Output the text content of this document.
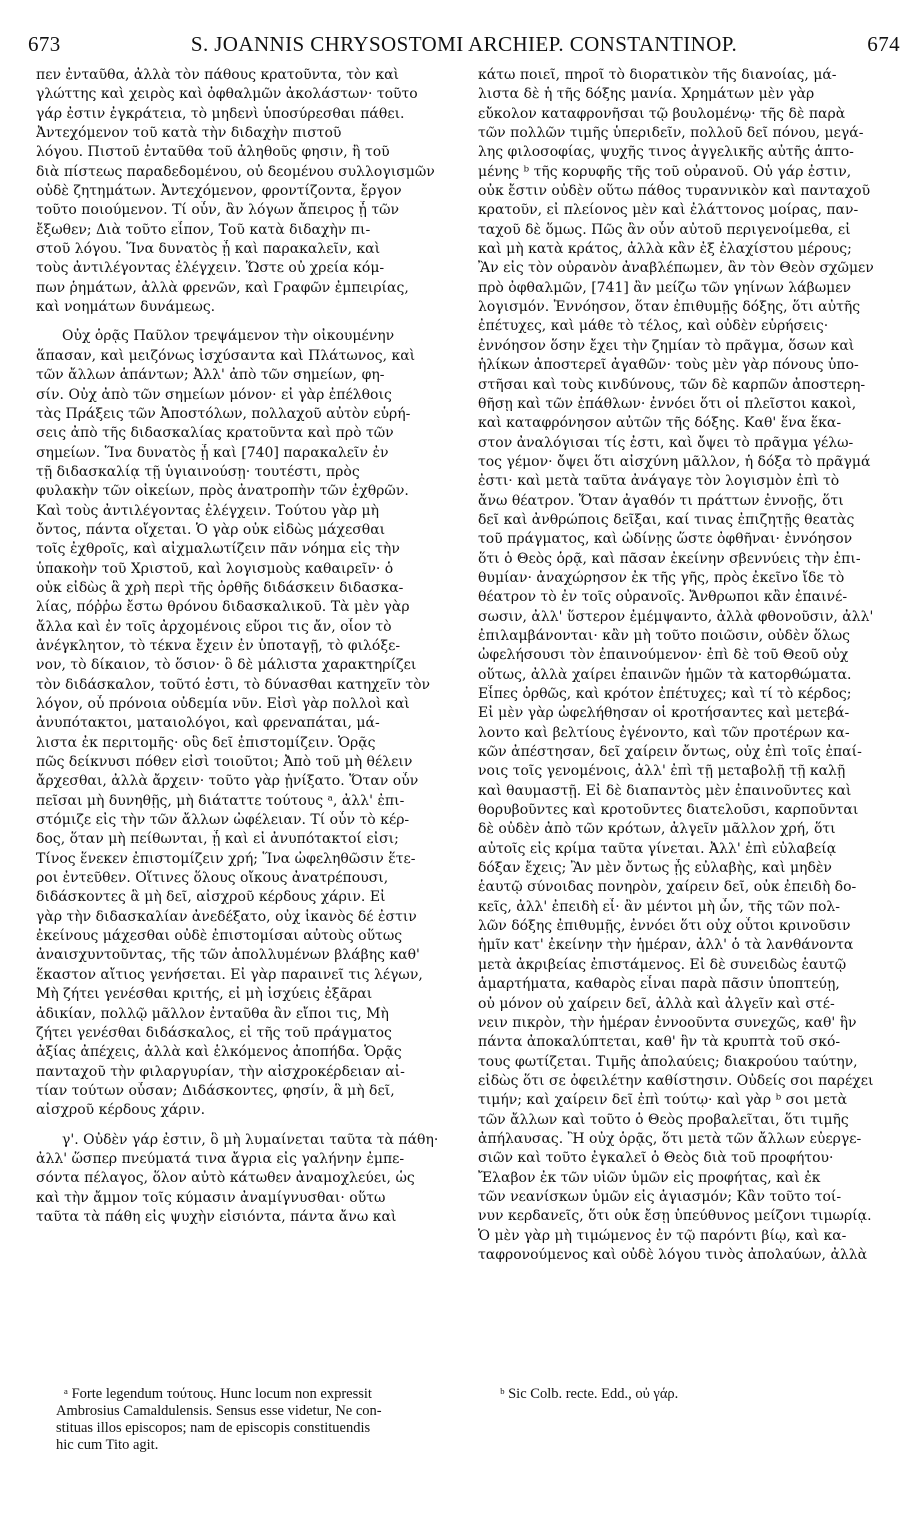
673	S. JOANNIS CHRYSOSTOMI ARCHIEP. CONSTANTINOP.	674
πεν ἐνταῦθα, ἀλλὰ τὸν πάθους κρατοῦντα, τὸν καὶ
γλώττης καὶ χειρὸς καὶ ὀφθαλμῶν ἀκολάστων· τοῦτο
γάρ ἐστιν ἐγκράτεια, τὸ μηδενὶ ὑποσύρεσθαι πάθει.
Ἀντεχόμενον τοῦ κατὰ τὴν διδαχὴν πιστοῦ
λόγου. Πιστοῦ ἐνταῦθα τοῦ ἀληθοῦς φησιν, ἢ τοῦ
διὰ πίστεως παραδεδομένου, οὐ δεομένου συλλογισμῶν
οὐδὲ ζητημάτων. Ἀντεχόμενον, φροντίζοντα, ἔργον
τοῦτο ποιούμενον. Τί οὖν, ἂν λόγων ἄπειρος ᾖ τῶν
ἔξωθεν; Διὰ τοῦτο εἶπον, Τοῦ κατὰ διδαχὴν πι-
στοῦ λόγου. Ἵνα δυνατὸς ᾖ καὶ παρακαλεῖν, καὶ
τοὺς ἀντιλέγοντας ἐλέγχειν. Ὥστε οὐ χρεία κόμ-
πων ῥημάτων, ἀλλὰ φρενῶν, καὶ Γραφῶν ἐμπειρίας,
καὶ νοημάτων δυνάμεως.
Οὐχ ὁρᾷς Παῦλον τρεψάμενον τὴν οἰκουμένην
ἅπασαν, καὶ μειζόνως ἰσχύσαντα καὶ Πλάτωνος, καὶ
τῶν ἄλλων ἁπάντων; Ἀλλ' ἀπὸ τῶν σημείων, φη-
σίν. Οὐχ ἀπὸ τῶν σημείων μόνον· εἰ γὰρ ἐπέλθοις
τὰς Πράξεις τῶν Ἀποστόλων, πολλαχοῦ αὐτὸν εὑρή-
σεις ἀπὸ τῆς διδασκαλίας κρατοῦντα καὶ πρὸ τῶν
σημείων. Ἵνα δυνατὸς ᾖ καὶ [740] παρακαλεῖν ἐν
τῇ διδασκαλίᾳ τῇ ὑγιαινούσῃ· τουτέστι, πρὸς
φυλακὴν τῶν οἰκείων, πρὸς ἀνατροπὴν τῶν ἐχθρῶν.
Καὶ τοὺς ἀντιλέγοντας ἐλέγχειν. Τούτου γὰρ μὴ
ὄντος, πάντα οἴχεται. Ὁ γὰρ οὐκ εἰδὼς μάχεσθαι
τοῖς ἐχθροῖς, καὶ αἰχμαλωτίζειν πᾶν νόημα εἰς τὴν
ὑπακοὴν τοῦ Χριστοῦ, καὶ λογισμοὺς καθαιρεῖν· ὁ
οὐκ εἰδὼς ἃ χρὴ περὶ τῆς ὀρθῆς διδάσκειν διδασκα-
λίας, πόῤῥω ἔστω θρόνου διδασκαλικοῦ. Τὰ μὲν γὰρ
ἄλλα καὶ ἐν τοῖς ἀρχομένοις εὕροι τις ἄν, οἷον τὸ
ἀνέγκλητον, τὸ τέκνα ἔχειν ἐν ὑποταγῇ, τὸ φιλόξε-
νον, τὸ δίκαιον, τὸ ὅσιον· ὃ δὲ μάλιστα χαρακτηρίζει
τὸν διδάσκαλον, τοῦτό ἐστι, τὸ δύνασθαι κατηχεῖν τὸν
λόγον, οὗ πρόνοια οὐδεμία νῦν. Εἰσὶ γὰρ πολλοὶ καὶ
ἀνυπότακτοι, ματαιολόγοι, καὶ φρεναπάται, μά-
λιστα ἐκ περιτομῆς· οὓς δεῖ ἐπιστομίζειν. Ὁρᾷς
πῶς δείκνυσι πόθεν εἰσὶ τοιοῦτοι; Ἀπὸ τοῦ μὴ θέλειν
ἄρχεσθαι, ἀλλὰ ἄρχειν· τοῦτο γὰρ ᾐνίξατο. Ὅταν οὖν
πεῖσαι μὴ δυνηθῇς, μὴ διάταττε τούτους ᵃ, ἀλλ' ἐπι-
στόμιζε εἰς τὴν τῶν ἄλλων ὠφέλειαν. Τί οὖν τὸ κέρ-
δος, ὅταν μὴ πείθωνται, ᾖ καὶ εἰ ἀνυπότακτοί εἰσι;
Τίνος ἕνεκεν ἐπιστομίζειν χρή; Ἵνα ὠφεληθῶσιν ἕτε-
ροι ἐντεῦθεν. Οἵτινες ὅλους οἴκους ἀνατρέπουσι,
διδάσκοντες ἃ μὴ δεῖ, αἰσχροῦ κέρδους χάριν. Εἰ
γὰρ τὴν διδασκαλίαν ἀνεδέξατο, οὐχ ἱκανὸς δέ ἐστιν
ἐκείνους μάχεσθαι οὐδὲ ἐπιστομίσαι αὐτοὺς οὕτως
ἀναισχυντοῦντας, τῆς τῶν ἀπολλυμένων βλάβης καθ'
ἕκαστον αἴτιος γενήσεται. Εἰ γὰρ παραινεῖ τις λέγων,
Μὴ ζήτει γενέσθαι κριτής, εἰ μὴ ἰσχύεις ἐξᾶραι
ἀδικίαν, πολλῷ μᾶλλον ἐνταῦθα ἂν εἴποι τις, Μὴ
ζήτει γενέσθαι διδάσκαλος, εἰ τῆς τοῦ πράγματος
ἀξίας ἀπέχεις, ἀλλὰ καὶ ἑλκόμενος ἀποπήδα. Ὁρᾷς
πανταχοῦ τὴν φιλαργυρίαν, τὴν αἰσχροκέρδειαν αἰ-
τίαν τούτων οὖσαν; Διδάσκοντες, φησίν, ἃ μὴ δεῖ,
αἰσχροῦ κέρδους χάριν.
γ'. Οὐδὲν γάρ ἐστιν, ὃ μὴ λυμαίνεται ταῦτα τὰ πάθη·
ἀλλ' ὥσπερ πνεύματά τινα ἄγρια εἰς γαλήνην ἐμπε-
σόντα πέλαγος, ὅλον αὐτὸ κάτωθεν ἀναμοχλεύει, ὡς
καὶ τὴν ἄμμον τοῖς κύμασιν ἀναμίγνυσθαι· οὕτω
ταῦτα τὰ πάθη εἰς ψυχὴν εἰσιόντα, πάντα ἄνω καὶ
κάτω ποιεῖ, πηροῖ τὸ διορατικὸν τῆς διανοίας, μά-
λιστα δὲ ἡ τῆς δόξης μανία. Χρημάτων μὲν γὰρ
εὔκολον καταφρονῆσαι τῷ βουλομένῳ· τῆς δὲ παρὰ
τῶν πολλῶν τιμῆς ὑπεριδεῖν, πολλοῦ δεῖ πόνου, μεγά-
λης φιλοσοφίας, ψυχῆς τινος ἀγγελικῆς αὐτῆς ἁπτο-
μένης ᵇ τῆς κορυφῆς τῆς τοῦ οὐρανοῦ. Οὐ γάρ ἐστιν,
οὐκ ἔστιν οὐδὲν οὕτω πάθος τυραννικὸν καὶ πανταχοῦ
κρατοῦν, εἰ πλείονος μὲν καὶ ἐλάττονος μοίρας, παν-
ταχοῦ δὲ ὅμως. Πῶς ἂν οὖν αὐτοῦ περιγενοίμεθα, εἰ
καὶ μὴ κατὰ κράτος, ἀλλὰ κἂν ἐξ ἐλαχίστου μέρους;
Ἂν εἰς τὸν οὐρανὸν ἀναβλέπωμεν, ἂν τὸν Θεὸν σχῶμεν
πρὸ ὀφθαλμῶν, [741] ἂν μείζω τῶν γηίνων λάβωμεν
λογισμόν. Ἐννόησον, ὅταν ἐπιθυμῇς δόξης, ὅτι αὐτῆς
ἐπέτυχες, καὶ μάθε τὸ τέλος, καὶ οὐδὲν εὑρήσεις·
ἐννόησον ὅσην ἔχει τὴν ζημίαν τὸ πρᾶγμα, ὅσων καὶ
ἡλίκων ἀποστερεῖ ἀγαθῶν· τοὺς μὲν γὰρ πόνους ὑπο-
στῆσαι καὶ τοὺς κινδύνους, τῶν δὲ καρπῶν ἀποστερη-
θῆσῃ καὶ τῶν ἐπάθλων· ἐννόει ὅτι οἱ πλεῖστοι κακοὶ,
καὶ καταφρόνησον αὐτῶν τῆς δόξης. Καθ' ἕνα ἕκα-
στον ἀναλόγισαι τίς ἐστι, καὶ ὄψει τὸ πρᾶγμα γέλω-
τος γέμον· ὄψει ὅτι αἰσχύνη μᾶλλον, ἡ δόξα τὸ πρᾶγμά
ἐστι· καὶ μετὰ ταῦτα ἀνάγαγε τὸν λογισμὸν ἐπὶ τὸ
ἄνω θέατρον. Ὅταν ἀγαθόν τι πράττων ἐννοῇς, ὅτι
δεῖ καὶ ἀνθρώποις δεῖξαι, καί τινας ἐπιζητῇς θεατὰς
τοῦ πράγματος, καὶ ὠδίνῃς ὥστε ὀφθῆναι· ἐννόησον
ὅτι ὁ Θεὸς ὁρᾷ, καὶ πᾶσαν ἐκείνην σβεννύεις τὴν ἐπι-
θυμίαν· ἀναχώρησον ἐκ τῆς γῆς, πρὸς ἐκεῖνο ἴδε τὸ
θέατρον τὸ ἐν τοῖς οὐρανοῖς. Ἄνθρωποι κἂν ἐπαινέ-
σωσιν, ἀλλ' ὕστερον ἐμέμψαντο, ἀλλὰ φθονοῦσιν, ἀλλ'
ἐπιλαμβάνονται· κἂν μὴ τοῦτο ποιῶσιν, οὐδὲν ὅλως
ὠφελήσουσι τὸν ἐπαινούμενον· ἐπὶ δὲ τοῦ Θεοῦ οὐχ
οὕτως, ἀλλὰ χαίρει ἐπαινῶν ἡμῶν τὰ κατορθώματα.
Εἶπες ὀρθῶς, καὶ κρότον ἐπέτυχες; καὶ τί τὸ κέρδος;
Εἰ μὲν γὰρ ὠφελήθησαν οἱ κροτήσαντες καὶ μετεβά-
λοντο καὶ βελτίους ἐγένοντο, καὶ τῶν προτέρων κα-
κῶν ἀπέστησαν, δεῖ χαίρειν ὄντως, οὐχ ἐπὶ τοῖς ἐπαί-
νοις τοῖς γενομένοις, ἀλλ' ἐπὶ τῇ μεταβολῇ τῇ καλῇ
καὶ θαυμαστῇ. Εἰ δὲ διαπαντὸς μὲν ἐπαινοῦντες καὶ
θορυβοῦντες καὶ κροτοῦντες διατελοῦσι, καρποῦνται
δὲ οὐδὲν ἀπὸ τῶν κρότων, ἀλγεῖν μᾶλλον χρή, ὅτι
αὐτοῖς εἰς κρίμα ταῦτα γίνεται. Ἀλλ' ἐπὶ εὐλαβείᾳ
δόξαν ἔχεις; Ἂν μὲν ὄντως ᾖς εὐλαβὴς, καὶ μηδὲν
ἑαυτῷ σύνοιδας πονηρὸν, χαίρειν δεῖ, οὐκ ἐπειδὴ δο-
κεῖς, ἀλλ' ἐπειδὴ εἶ· ἂν μέντοι μὴ ὦν, τῆς τῶν πολ-
λῶν δόξης ἐπιθυμῇς, ἐννόει ὅτι οὐχ οὗτοι κρινοῦσιν
ἡμῖν κατ' ἐκείνην τὴν ἡμέραν, ἀλλ' ὁ τὰ λανθάνοντα
μετὰ ἀκριβείας ἐπιστάμενος. Εἰ δὲ συνειδὼς ἑαυτῷ
ἁμαρτήματα, καθαρὸς εἶναι παρὰ πᾶσιν ὑποπτεύῃ,
οὐ μόνον οὐ χαίρειν δεῖ, ἀλλὰ καὶ ἀλγεῖν καὶ στέ-
νειν πικρὸν, τὴν ἡμέραν ἐννοοῦντα συνεχῶς, καθ' ἣν
πάντα ἀποκαλύπτεται, καθ' ἣν τὰ κρυπτὰ τοῦ σκό-
τους φωτίζεται. Τιμῆς ἀπολαύεις; διακρούου ταύτην,
εἰδὼς ὅτι σε ὀφειλέτην καθίστησιν. Οὐδείς σοι παρέχει
τιμήν; καὶ χαίρειν δεῖ ἐπὶ τούτῳ· καὶ γὰρ ᵇ σοι μετὰ
τῶν ἄλλων καὶ τοῦτο ὁ Θεὸς προβαλεῖται, ὅτι τιμῆς
ἀπήλαυσας. Ἢ οὐχ ὁρᾷς, ὅτι μετὰ τῶν ἄλλων εὐεργε-
σιῶν καὶ τοῦτο ἐγκαλεῖ ὁ Θεὸς διὰ τοῦ προφήτου·
Ἔλαβον ἐκ τῶν υἱῶν ὑμῶν εἰς προφήτας, καὶ ἐκ
τῶν νεανίσκων ὑμῶν εἰς ἁγιασμόν; Κἂν τοῦτο τοί-
νυν κερδανεῖς, ὅτι οὐκ ἔσῃ ὑπεύθυνος μείζονι τιμωρίᾳ.
Ὁ μὲν γὰρ μὴ τιμώμενος ἐν τῷ παρόντι βίῳ, καὶ κα-
ταφρονούμενος καὶ οὐδὲ λόγου τινὸς ἀπολαύων, ἀλλὰ
ᵃ Forte legendum τούτους. Hunc locum non expressit
Ambrosius Camaldulensis. Sensus esse videtur, Ne con-
stituas illos episcopos; nam de episcopis constituendis
hic cum Tito agit.
ᵇ Sic Colb. recte. Edd., οὐ γάρ.
